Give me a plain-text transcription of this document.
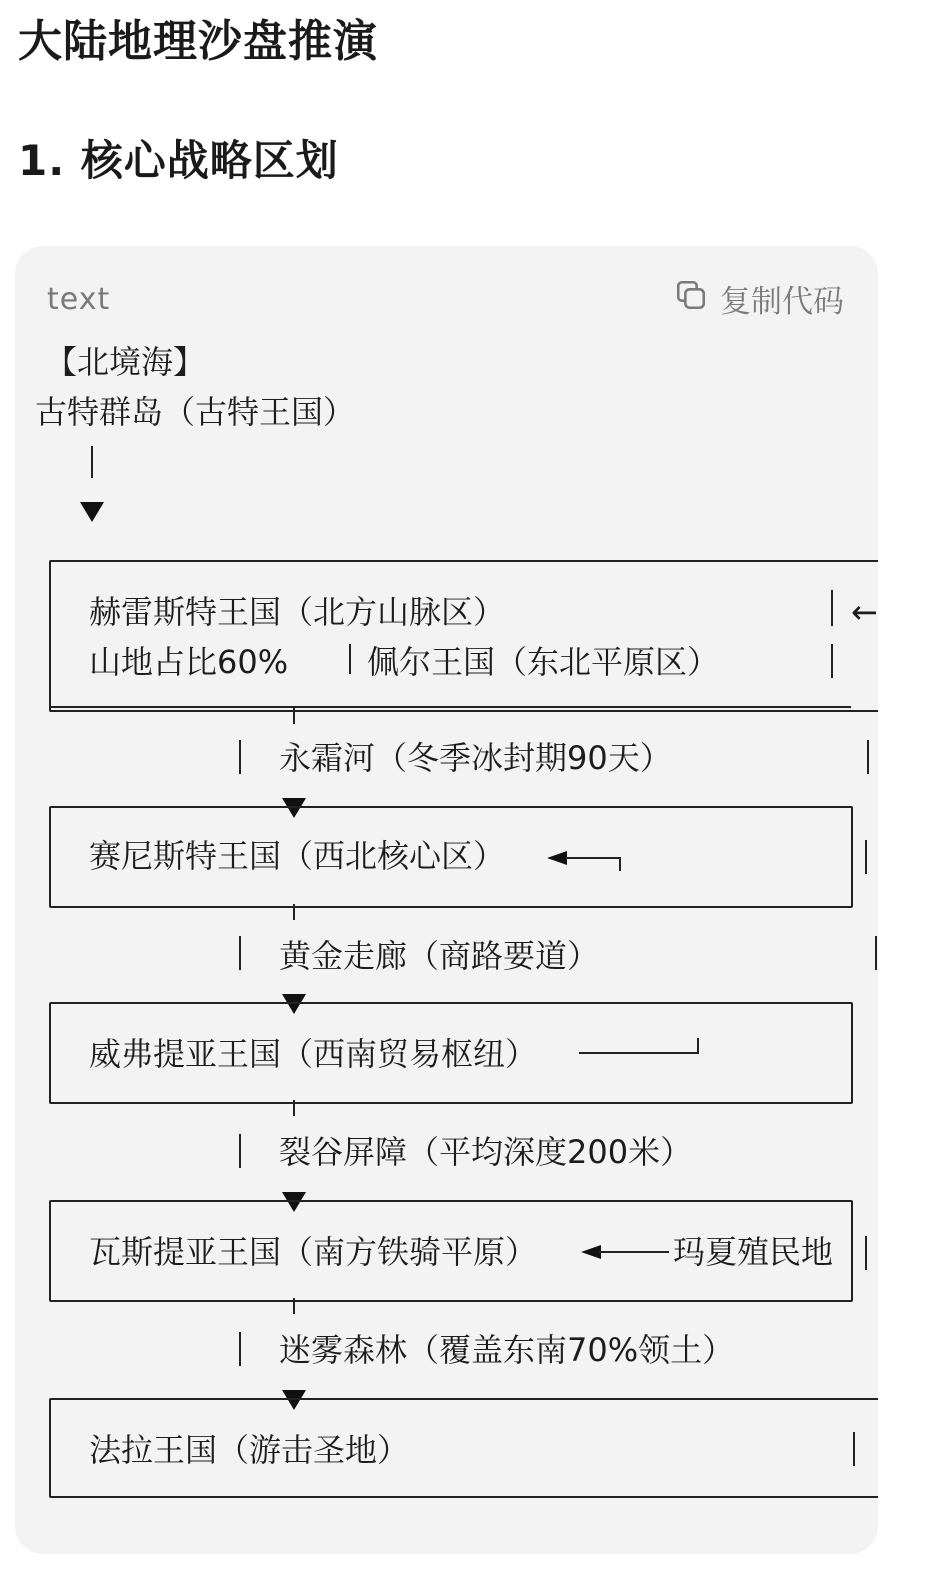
大陆地理沙盘推演
1. 核心战略区划
text	复制代码
【北境海】
古特群岛（古特王国）
赫雷斯特王国（北方山脉区）	←
山地占比60% 佩尔王国（东北平原区）
永霜河（冬季冰封期90天）
赛尼斯特王国（西北核心区）
黄金走廊（商路要道）
威弗提亚王国（西南贸易枢纽）
裂谷屏障（平均深度200米）
瓦斯提亚王国（南方铁骑平原）	玛夏殖民地
迷雾森林（覆盖东南70%领土）
法拉王国（游击圣地）
